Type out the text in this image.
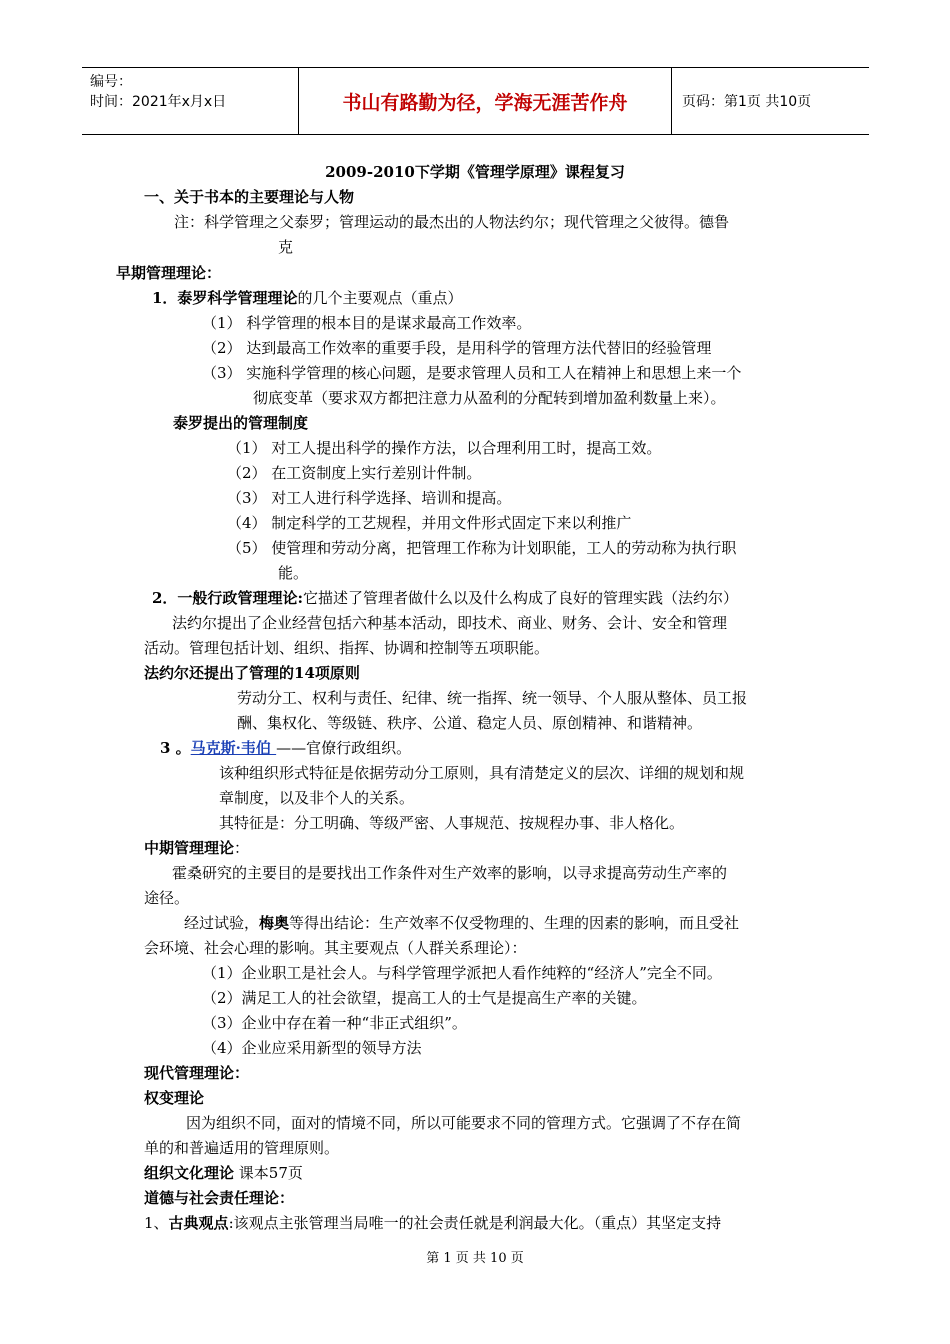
编号：
时间：2021年x月x日	书山有路勤为径，学海无涯苦作舟	页码：第1页 共10页
2009-2010下学期《管理学原理》课程复习
一、关于书本的主要理论与人物
注：科学管理之父泰罗；管理运动的最杰出的人物法约尔；现代管理之父彼得。德鲁
克
早期管理理论：
1．泰罗科学管理理论的几个主要观点（重点）
（1） 科学管理的根本目的是谋求最高工作效率。
（2） 达到最高工作效率的重要手段，是用科学的管理方法代替旧的经验管理
（3） 实施科学管理的核心问题，是要求管理人员和工人在精神上和思想上来一个
彻底变革（要求双方都把注意力从盈利的分配转到增加盈利数量上来）。
泰罗提出的管理制度
（1） 对工人提出科学的操作方法，以合理利用工时，提高工效。
（2） 在工资制度上实行差别计件制。
（3） 对工人进行科学选择、培训和提高。
（4） 制定科学的工艺规程，并用文件形式固定下来以利推广
（5） 使管理和劳动分离，把管理工作称为计划职能，工人的劳动称为执行职
能。
2．一般行政管理理论:它描述了管理者做什么以及什么构成了良好的管理实践（法约尔）
法约尔提出了企业经营包括六种基本活动，即技术、商业、财务、会计、安全和管理
活动。管理包括计划、组织、指挥、协调和控制等五项职能。
法约尔还提出了管理的14项原则
劳动分工、权利与责任、纪律、统一指挥、统一领导、个人服从整体、员工报
酬、集权化、等级链、秩序、公道、稳定人员、原创精神、和谐精神。
3 。马克斯·韦伯 ——官僚行政组织。
该种组织形式特征是依据劳动分工原则，具有清楚定义的层次、详细的规划和规
章制度，以及非个人的关系。
其特征是：分工明确、等级严密、人事规范、按规程办事、非人格化。
中期管理理论：
霍桑研究的主要目的是要找出工作条件对生产效率的影响，以寻求提高劳动生产率的
途径。
经过试验，梅奥等得出结论：生产效率不仅受物理的、生理的因素的影响，而且受社
会环境、社会心理的影响。其主要观点（人群关系理论）：
（1）企业职工是社会人。与科学管理学派把人看作纯粹的“经济人”完全不同。
（2）满足工人的社会欲望，提高工人的士气是提高生产率的关键。
（3）企业中存在着一种“非正式组织”。
（4）企业应采用新型的领导方法
现代管理理论：
权变理论
因为组织不同，面对的情境不同，所以可能要求不同的管理方式。它强调了不存在简
单的和普遍适用的管理原则。
组织文化理论 课本57页
道德与社会责任理论：
1、古典观点:该观点主张管理当局唯一的社会责任就是利润最大化。（重点）其坚定支持
第 1 页 共 10 页
